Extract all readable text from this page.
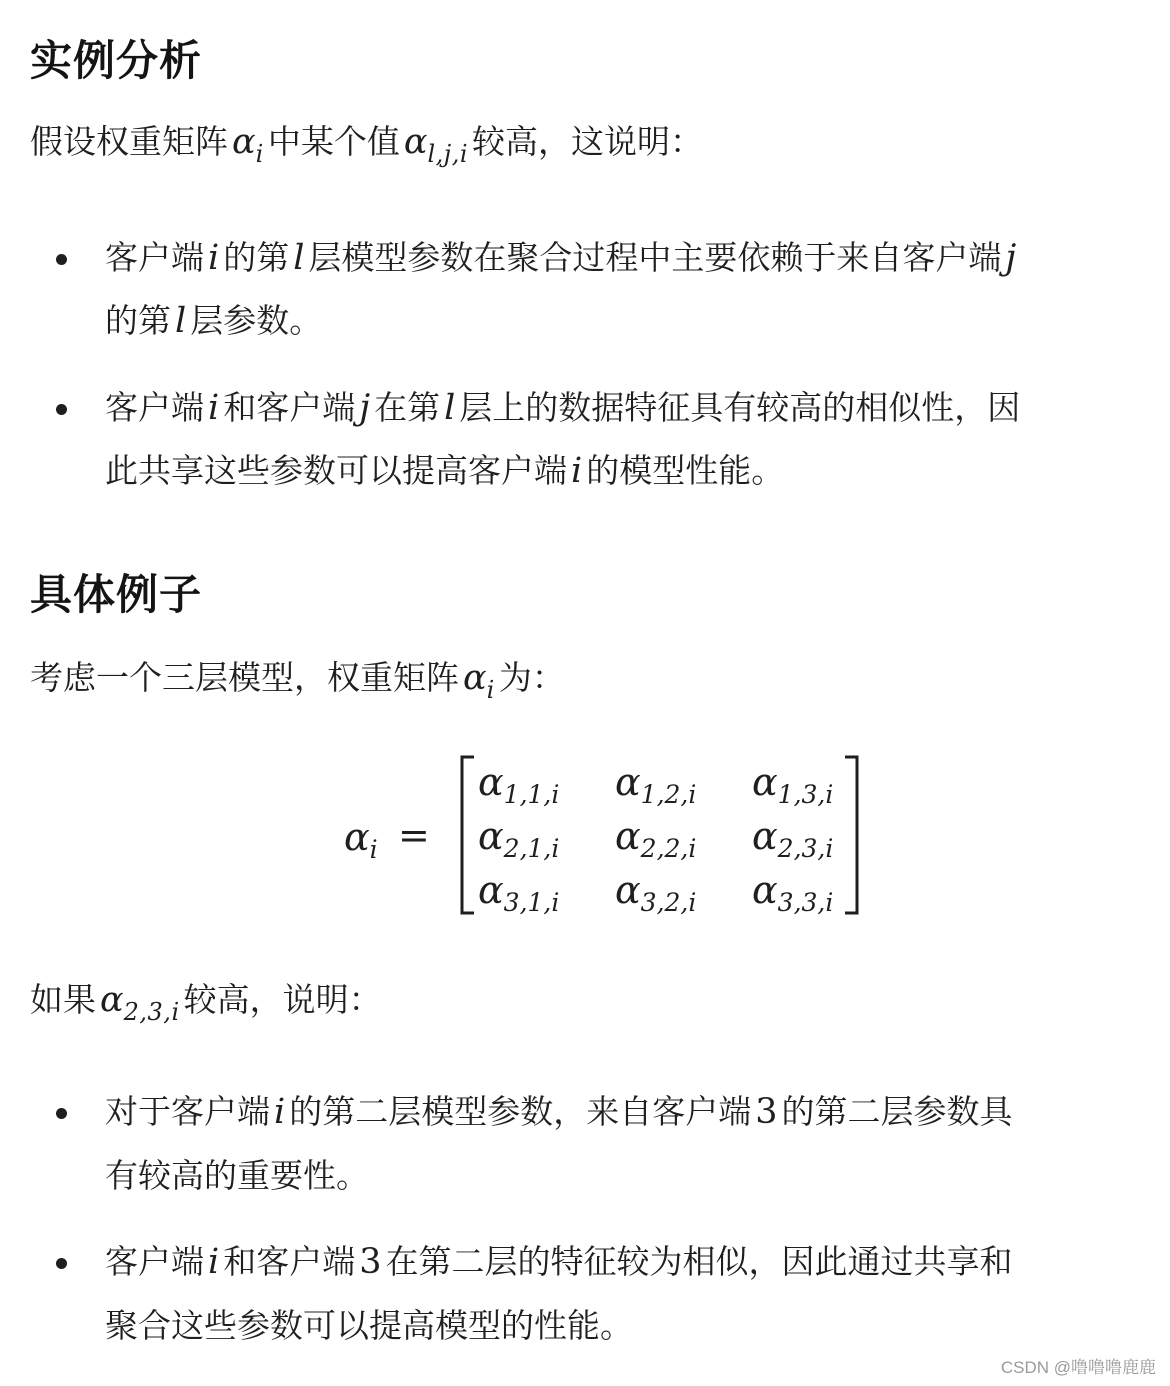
实例分析
假设权重矩阵 $\alpha_i$ 中某个值 $\alpha_{l,j,i}$ 较高，这说明：
客户端 i 的第 l 层模型参数在聚合过程中主要依赖于来自客户端 j
的第 l 层参数。
客户端 i 和客户端 j 在第 l 层上的数据特征具有较高的相似性，因
此共享这些参数可以提高客户端 i 的模型性能。
具体例子
考虑一个三层模型，权重矩阵 $\alpha_i$ 为：
$\alpha_i$ =
$\alpha_{1,1,i}$ $\alpha_{1,2,i}$ $\alpha_{1,3,i}$
$\alpha_{2,1,i}$ $\alpha_{2,2,i}$ $\alpha_{2,3,i}$
$\alpha_{3,1,i}$ $\alpha_{3,2,i}$ $\alpha_{3,3,i}$
如果 $\alpha_{2,3,i}$ 较高，说明：
对于客户端 i 的第二层模型参数，来自客户端 3 的第二层参数具
有较高的重要性。
客户端 i 和客户端 3 在第二层的特征较为相似，因此通过共享和
聚合这些参数可以提高模型的性能。
CSDN @噜噜噜鹿鹿
